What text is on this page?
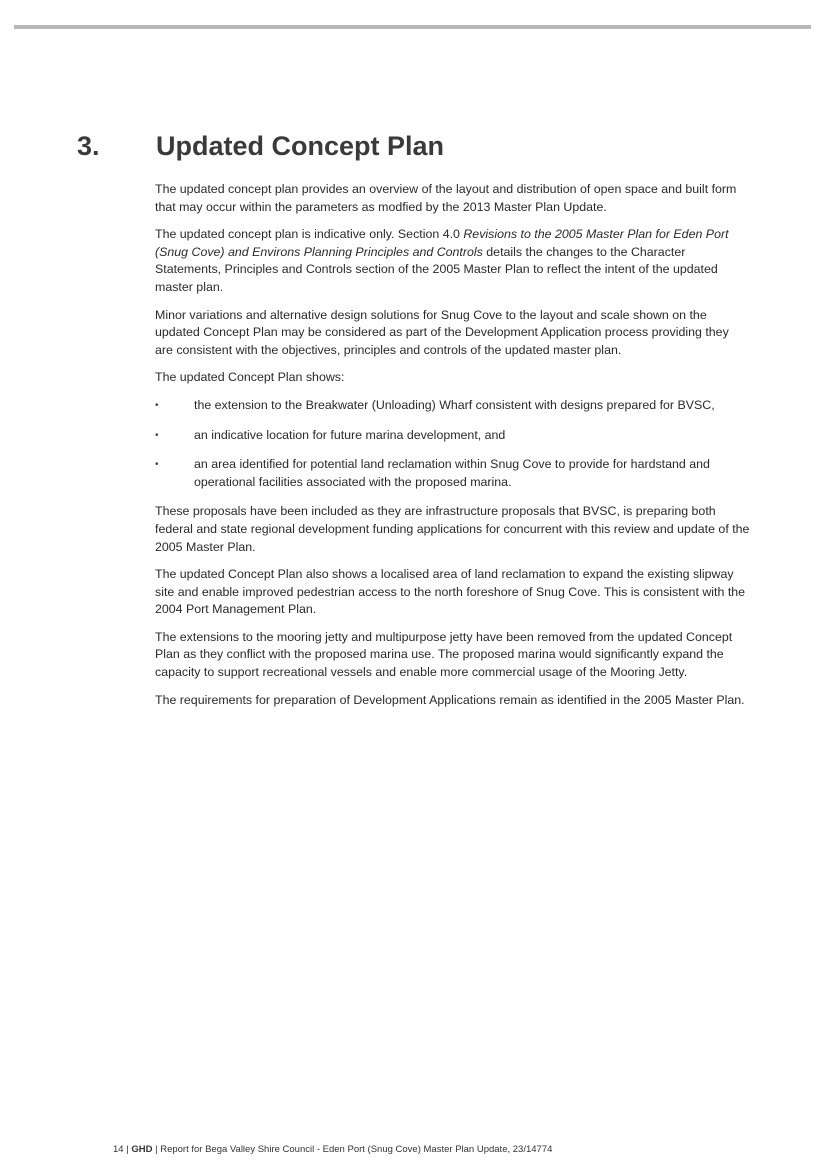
3. Updated Concept Plan

The updated concept plan provides an overview of the layout and distribution of open space and built form that may occur within the parameters as modfied by the 2013 Master Plan Update.

The updated concept plan is indicative only. Section 4.0 Revisions to the 2005 Master Plan for Eden Port (Snug Cove) and Environs Planning Principles and Controls details the changes to the Character Statements, Principles and Controls section of the 2005 Master Plan to reflect the intent of the updated master plan.

Minor variations and alternative design solutions for Snug Cove to the layout and scale shown on the updated Concept Plan may be considered as part of the Development Application process providing they are consistent with the objectives, principles and controls of the updated master plan.

The updated Concept Plan shows:

•	the extension to the Breakwater (Unloading) Wharf consistent with designs prepared for BVSC,
•	an indicative location for future marina development, and
•	an area identified for potential land reclamation within Snug Cove to provide for hardstand and operational facilities associated with the proposed marina.

These proposals have been included as they are infrastructure proposals that BVSC, is preparing both federal and state regional development funding applications for concurrent with this review and update of the 2005 Master Plan.

The updated Concept Plan also shows a localised area of land reclamation to expand the existing slipway site and enable improved pedestrian access to the north foreshore of Snug Cove. This is consistent with the 2004 Port Management Plan.

The extensions to the mooring jetty and multipurpose jetty have been removed from the updated Concept Plan as they conflict with the proposed marina use. The proposed marina would significantly expand the capacity to support recreational vessels and enable more commercial usage of the Mooring Jetty.

The requirements for preparation of Development Applications remain as identified in the 2005 Master Plan.

14 | GHD | Report for Bega Valley Shire Council - Eden Port (Snug Cove) Master Plan Update, 23/14774
